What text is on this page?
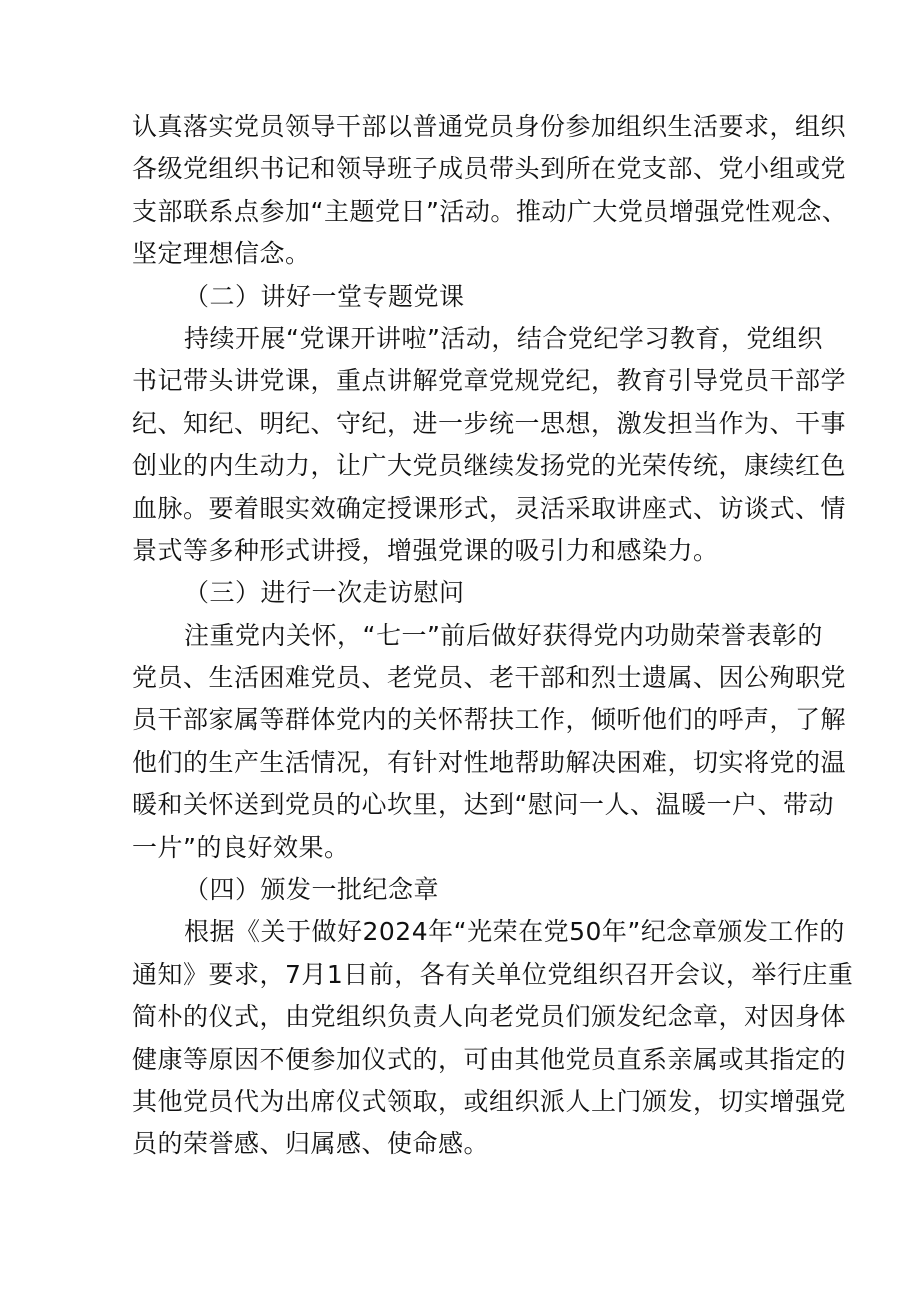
认真落实党员领导干部以普通党员身份参加组织生活要求，组织
各级党组织书记和领导班子成员带头到所在党支部、党小组或党
支部联系点参加“主题党日”活动。推动广大党员增强党性观念、
坚定理想信念。
（二）讲好一堂专题党课
持续开展“党课开讲啦”活动，结合党纪学习教育，党组织
书记带头讲党课，重点讲解党章党规党纪，教育引导党员干部学
纪、知纪、明纪、守纪，进一步统一思想，激发担当作为、干事
创业的内生动力，让广大党员继续发扬党的光荣传统，康续红色
血脉。要着眼实效确定授课形式，灵活采取讲座式、访谈式、情
景式等多种形式讲授，增强党课的吸引力和感染力。
（三）进行一次走访慰问
注重党内关怀，“七一”前后做好获得党内功勋荣誉表彰的
党员、生活困难党员、老党员、老干部和烈士遗属、因公殉职党
员干部家属等群体党内的关怀帮扶工作，倾听他们的呼声，了解
他们的生产生活情况，有针对性地帮助解决困难，切实将党的温
暖和关怀送到党员的心坎里，达到“慰问一人、温暖一户、带动
一片”的良好效果。
（四）颁发一批纪念章
根据《关于做好2024年“光荣在党50年”纪念章颁发工作的
通知》要求，7月1日前，各有关单位党组织召开会议，举行庄重
简朴的仪式，由党组织负责人向老党员们颁发纪念章，对因身体
健康等原因不便参加仪式的，可由其他党员直系亲属或其指定的
其他党员代为出席仪式领取，或组织派人上门颁发，切实增强党
员的荣誉感、归属感、使命感。
